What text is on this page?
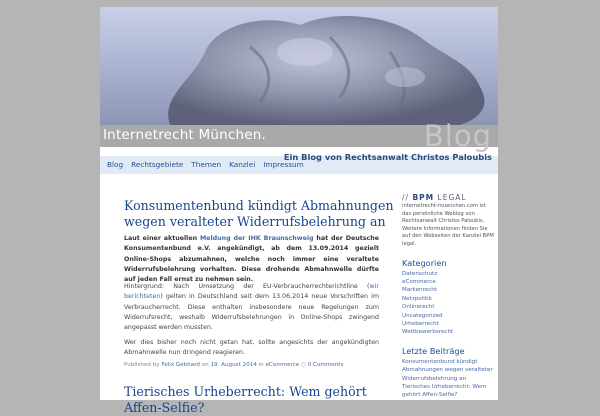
Internetrecht München.	Blog
Blog Rechtsgebiete Themen Kanzlei Impressum
Ein Blog von Rechtsanwalt Christos Paloubis
Konsumentenbund kündigt Abmahnungen wegen veralteter Widerrufsbelehrung an

Laut einer aktuellen Meldung der IHK Braunschweig hat der Deutsche Konsumentenbund e.V. angekündigt, ab dem 13.09.2014 gezielt Online-Shops abzumahnen, welche noch immer eine veraltete Widerrufsbelehrung vorhalten. Diese drohende Abmahnwelle dürfte auf jeden Fall ernst zu nehmen sein.

Hintergrund: Nach Umsetzung der EU-Verbraucherrechterichtline (wir berichteten) gelten in Deutschland seit dem 13.06.2014 neue Vorschriften im Verbraucherrecht. Diese enthalten insbesondere neue Regelungen zum Widerrufsrecht, weshalb Widerrufsbelehrungen in Online-Shops zwingend angepasst werden mussten.

Wer dies bisher noch nicht getan hat, sollte angesichts der angekündigten Abmahnwelle nun dringend reagieren.

Published by Felix Gebhard on 19. August 2014 in eCommerce ○ 0 Comments
Tierisches Urheberrecht: Wem gehört Affen-Selfie?
// BPM LEGAL
internetrecht-muenchen.com ist das persönliche Weblog von Rechtsanwalt Christos Paloubis. Weitere Informationen finden Sie auf den Webseiten der Kanzlei BPM legal.
Kategorien
Datenschutz
eCommerce
Markenrecht
Netzpolitik
Onlinerecht
Uncategorized
Urheberrecht
Wettbewerbsrecht
Letzte Beiträge
Konsumentenbund kündigt Abmahnungen wegen veralteter Widerrufsbelehrung an
Tierisches Urheberrecht: Wem gehört Affen-Selfie?
